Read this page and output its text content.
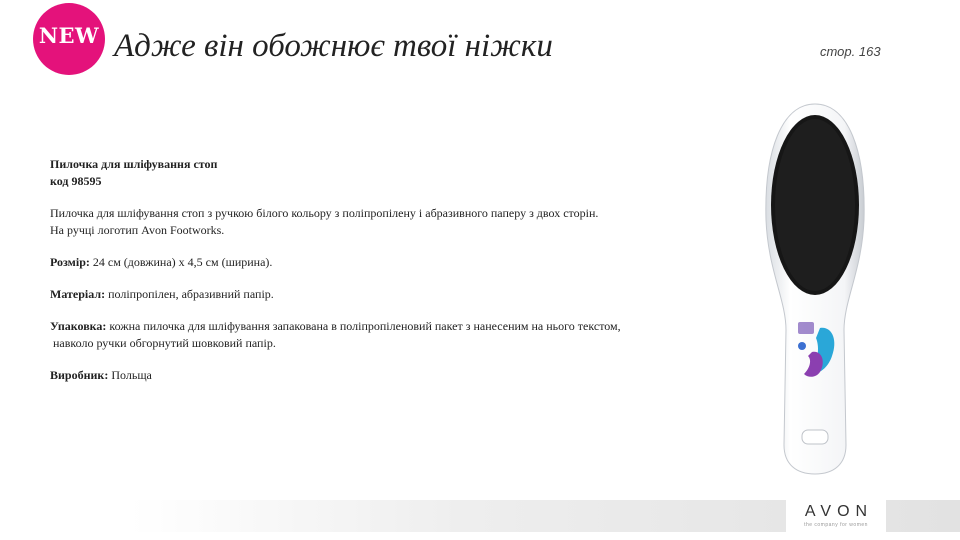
NEW Адже він обожнює твої ніжки	стор. 163

Пилочка для шліфування стоп

код 98595

Пилочка для шліфування стоп з ручкою білого кольору з поліпропілену і абразивного паперу з двох сторін.

На ручці логотип Avon Footworks.

Розмір: 24 см (довжина) х 4,5 см (ширина).

Матеріал: поліпропілен, абразивний папір.

Упаковка: кожна пилочка для шліфування запакована в поліпропіленовий пакет з нанесеним на нього текстом,

навколо ручки обгорнутий шовковий папір.

Виробник: Польща

AVON
the company for women
